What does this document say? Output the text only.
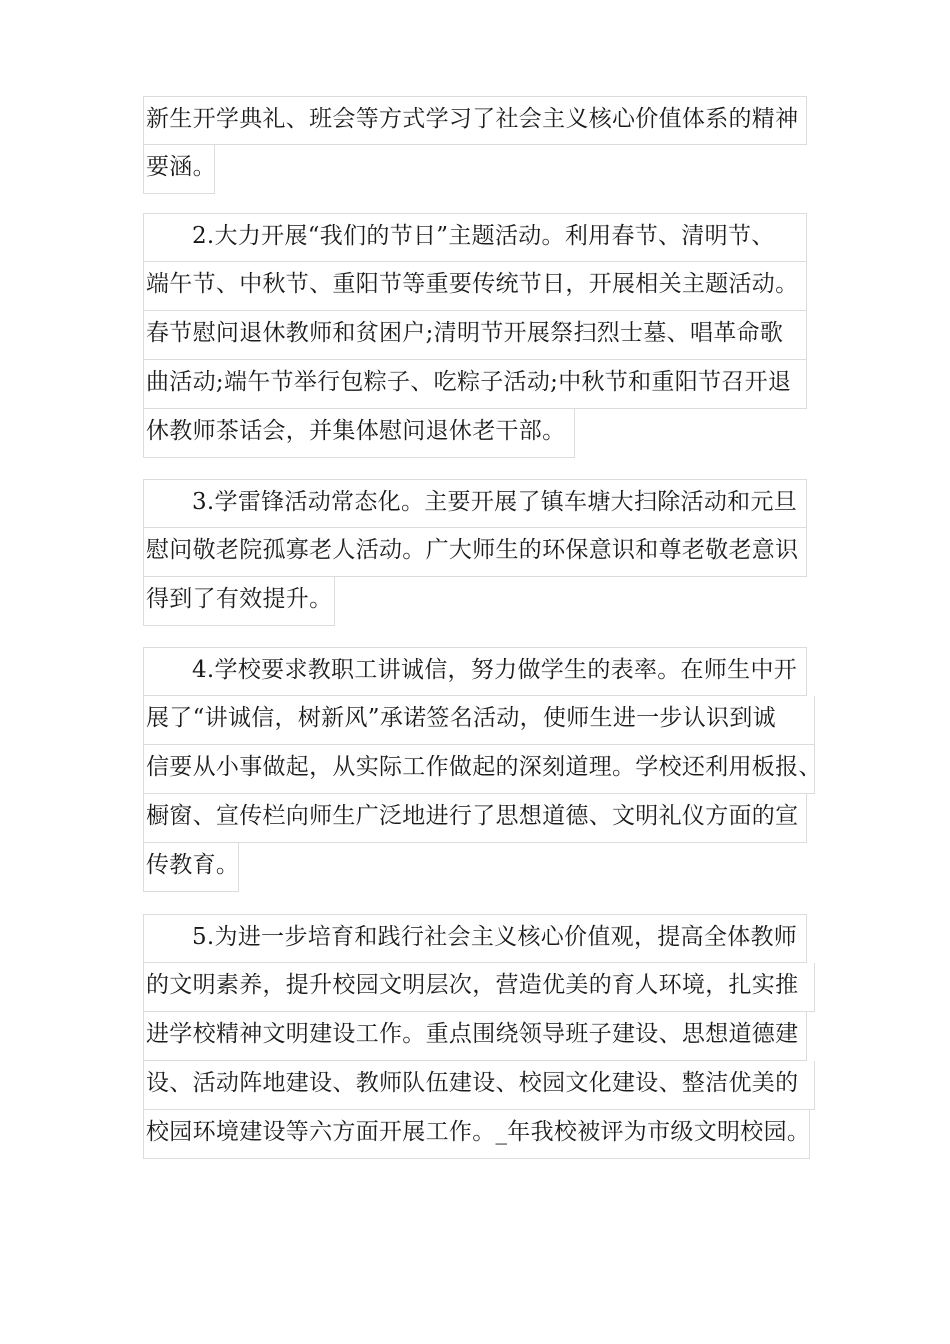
新生开学典礼、班会等方式学习了社会主义核心价值体系的精神
要涵。
2.大力开展“我们的节日”主题活动。利用春节、清明节、
端午节、中秋节、重阳节等重要传统节日，开展相关主题活动。
春节慰问退休教师和贫困户;清明节开展祭扫烈士墓、唱革命歌
曲活动;端午节举行包粽子、吃粽子活动;中秋节和重阳节召开退
休教师茶话会，并集体慰问退休老干部。
3.学雷锋活动常态化。主要开展了镇车塘大扫除活动和元旦
慰问敬老院孤寡老人活动。广大师生的环保意识和尊老敬老意识
得到了有效提升。
4.学校要求教职工讲诚信，努力做学生的表率。在师生中开
展了“讲诚信，树新风”承诺签名活动，使师生进一步认识到诚
信要从小事做起，从实际工作做起的深刻道理。学校还利用板报、
橱窗、宣传栏向师生广泛地进行了思想道德、文明礼仪方面的宣
传教育。
5.为进一步培育和践行社会主义核心价值观，提高全体教师
的文明素养，提升校园文明层次，营造优美的育人环境，扎实推
进学校精神文明建设工作。重点围绕领导班子建设、思想道德建
设、活动阵地建设、教师队伍建设、校园文化建设、整洁优美的
校园环境建设等六方面开展工作。_年我校被评为市级文明校园。
